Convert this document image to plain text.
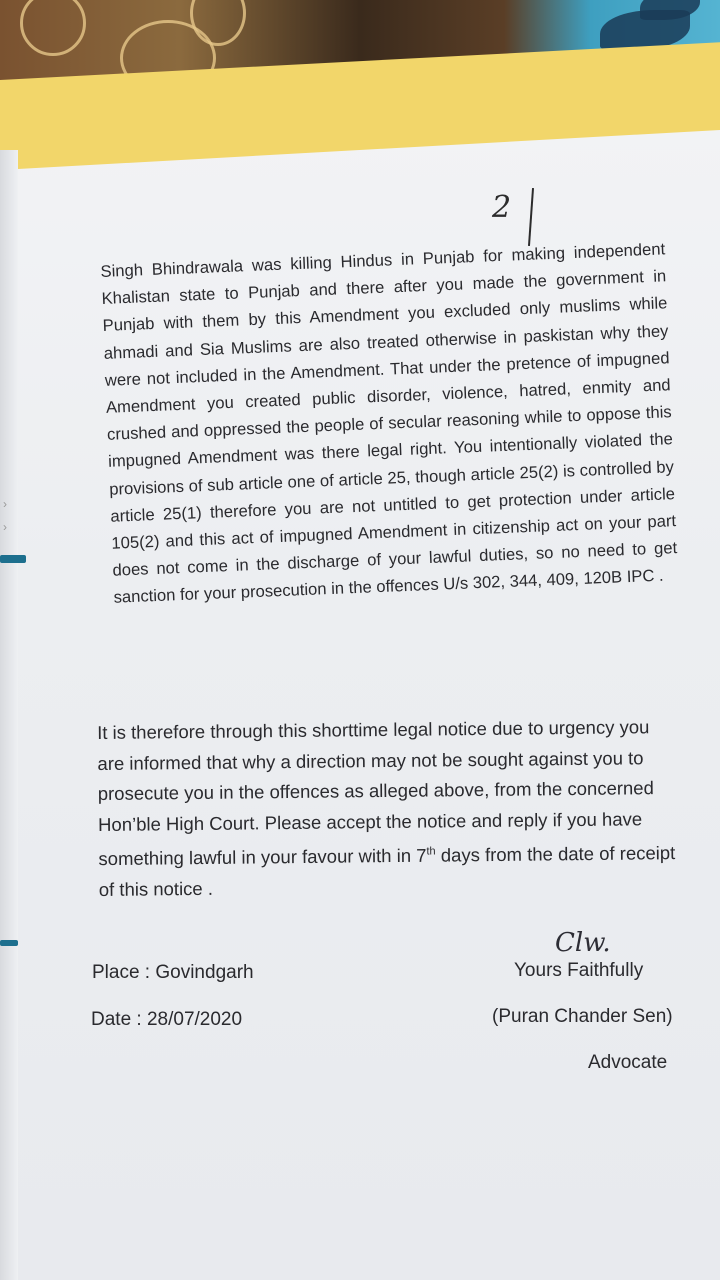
›
›
2
Singh Bhindrawala was killing Hindus in Punjab for making independent Khalistan state to Punjab and there after you made the government in Punjab with them by this Amendment you excluded only muslims while ahmadi and Sia Muslims are also treated otherwise in paskistan why they were not included in the Amendment. That under the pretence of impugned Amendment you created public disorder, violence, hatred, enmity and crushed and oppressed the people of secular reasoning while to oppose this impugned Amendment was there legal right. You intentionally violated the provisions of sub article one of article 25, though article 25(2) is controlled by article 25(1) therefore you are not untitled to get protection under article 105(2) and this act of impugned Amendment in citizenship act on your part does not come in the discharge of your lawful duties, so no need to get sanction for your prosecution in the offences U/s 302, 344, 409, 120B IPC .
It is therefore through this shorttime legal notice due to urgency you are informed that why a direction may not be sought against you to prosecute you in the offences as alleged above, from the concerned Hon’ble High Court. Please accept the notice and reply if you have something lawful in your favour with in 7th days from the date of receipt of this notice .
Clw.
Place : Govindgarh
Date : 28/07/2020
Yours Faithfully
(Puran Chander Sen)
Advocate
